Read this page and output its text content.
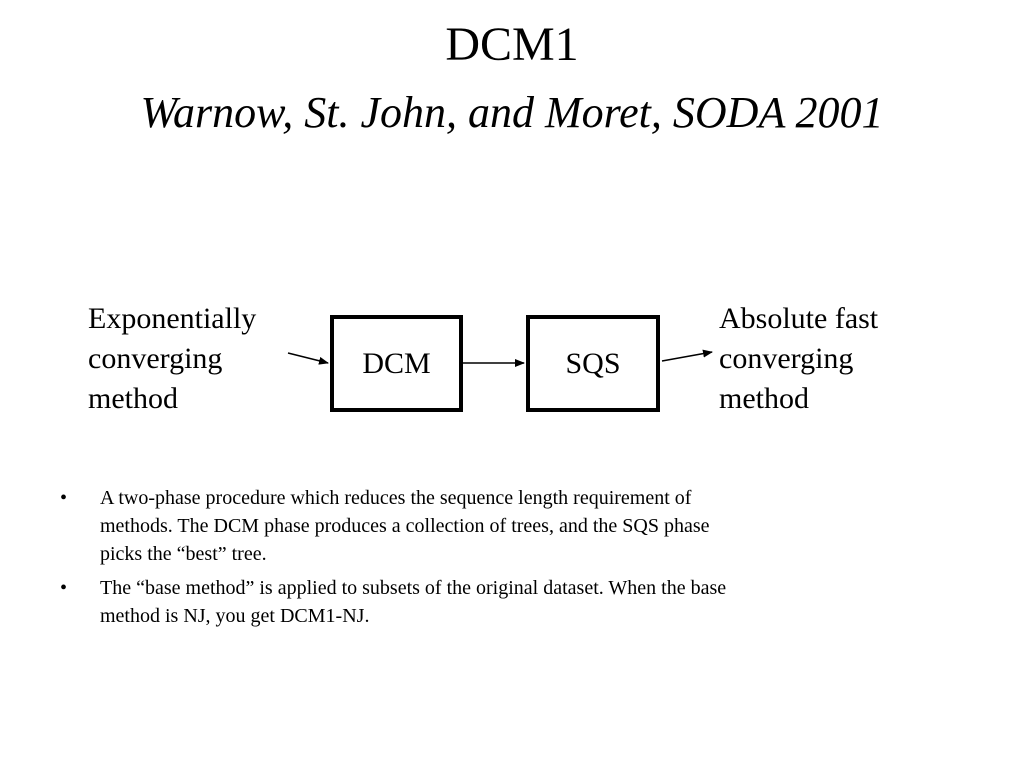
DCM1
Warnow, St. John, and Moret, SODA 2001
Exponentially
converging
method
Absolute fast
converging
method
DCM	SQS
• A two-phase procedure which reduces the sequence length requirement of
methods. The DCM phase produces a collection of trees, and the SQS phase
picks the “best” tree.
• The “base method” is applied to subsets of the original dataset. When the base
method is NJ, you get DCM1-NJ.
